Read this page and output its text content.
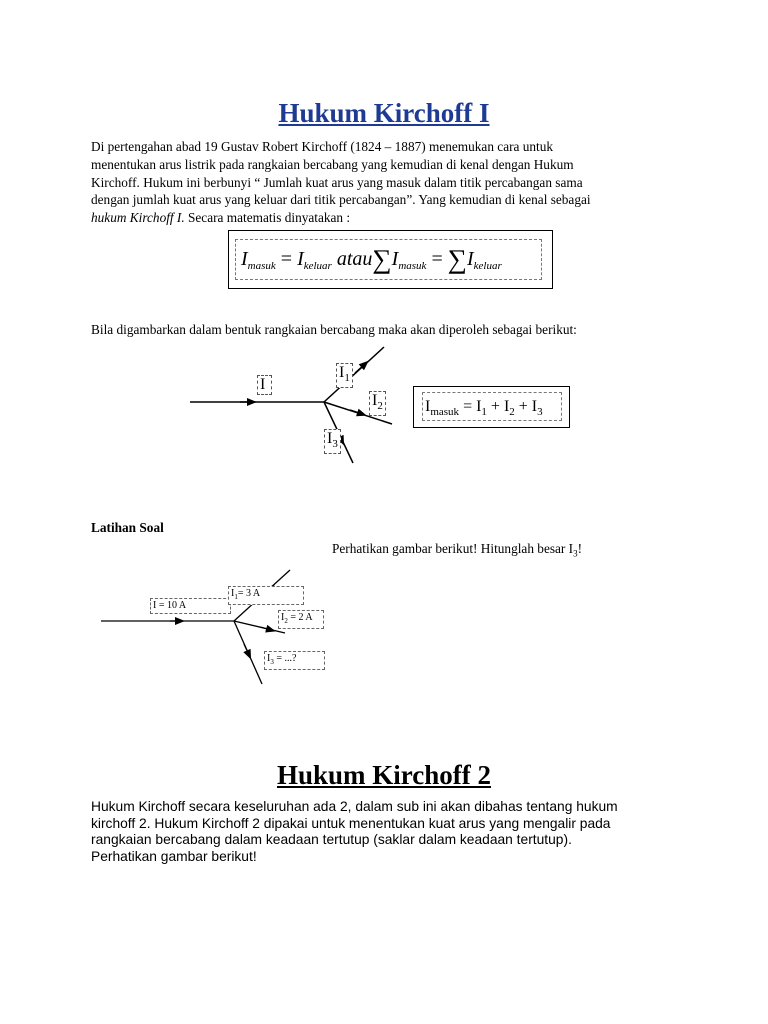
Hukum Kirchoff I
Di pertengahan abad 19 Gustav Robert Kirchoff (1824 – 1887) menemukan cara untuk
menentukan arus listrik pada rangkaian bercabang yang kemudian di kenal dengan Hukum
Kirchoff. Hukum ini berbunyi “ Jumlah kuat arus yang masuk dalam titik percabangan sama
dengan jumlah kuat arus yang keluar dari titik percabangan”. Yang kemudian di kenal sebagai
hukum Kirchoff I. Secara matematis dinyatakan :
$I_{masuk} = I_{keluar}$ $atau\sum I_{masuk} = \sum I_{keluar}$
Bila digambarkan dalam bentuk rangkaian bercabang maka akan diperoleh sebagai berikut:
I
$I_1$
$I_2$
$I_3$
$I_{masuk} = I_1 + I_2 + I_3$
Latihan Soal
Perhatikan gambar berikut! Hitunglah besar $I_3$!
I = 10 A
$I_1= 3$ A
$I_2 = 2$ A
$I_3$ = ...?
Hukum Kirchoff 2
Hukum Kirchoff secara keseluruhan ada 2, dalam sub ini akan dibahas tentang hukum
kirchoff 2. Hukum Kirchoff 2 dipakai untuk menentukan kuat arus yang mengalir pada
rangkaian bercabang dalam keadaan tertutup (saklar dalam keadaan tertutup).
Perhatikan gambar berikut!
